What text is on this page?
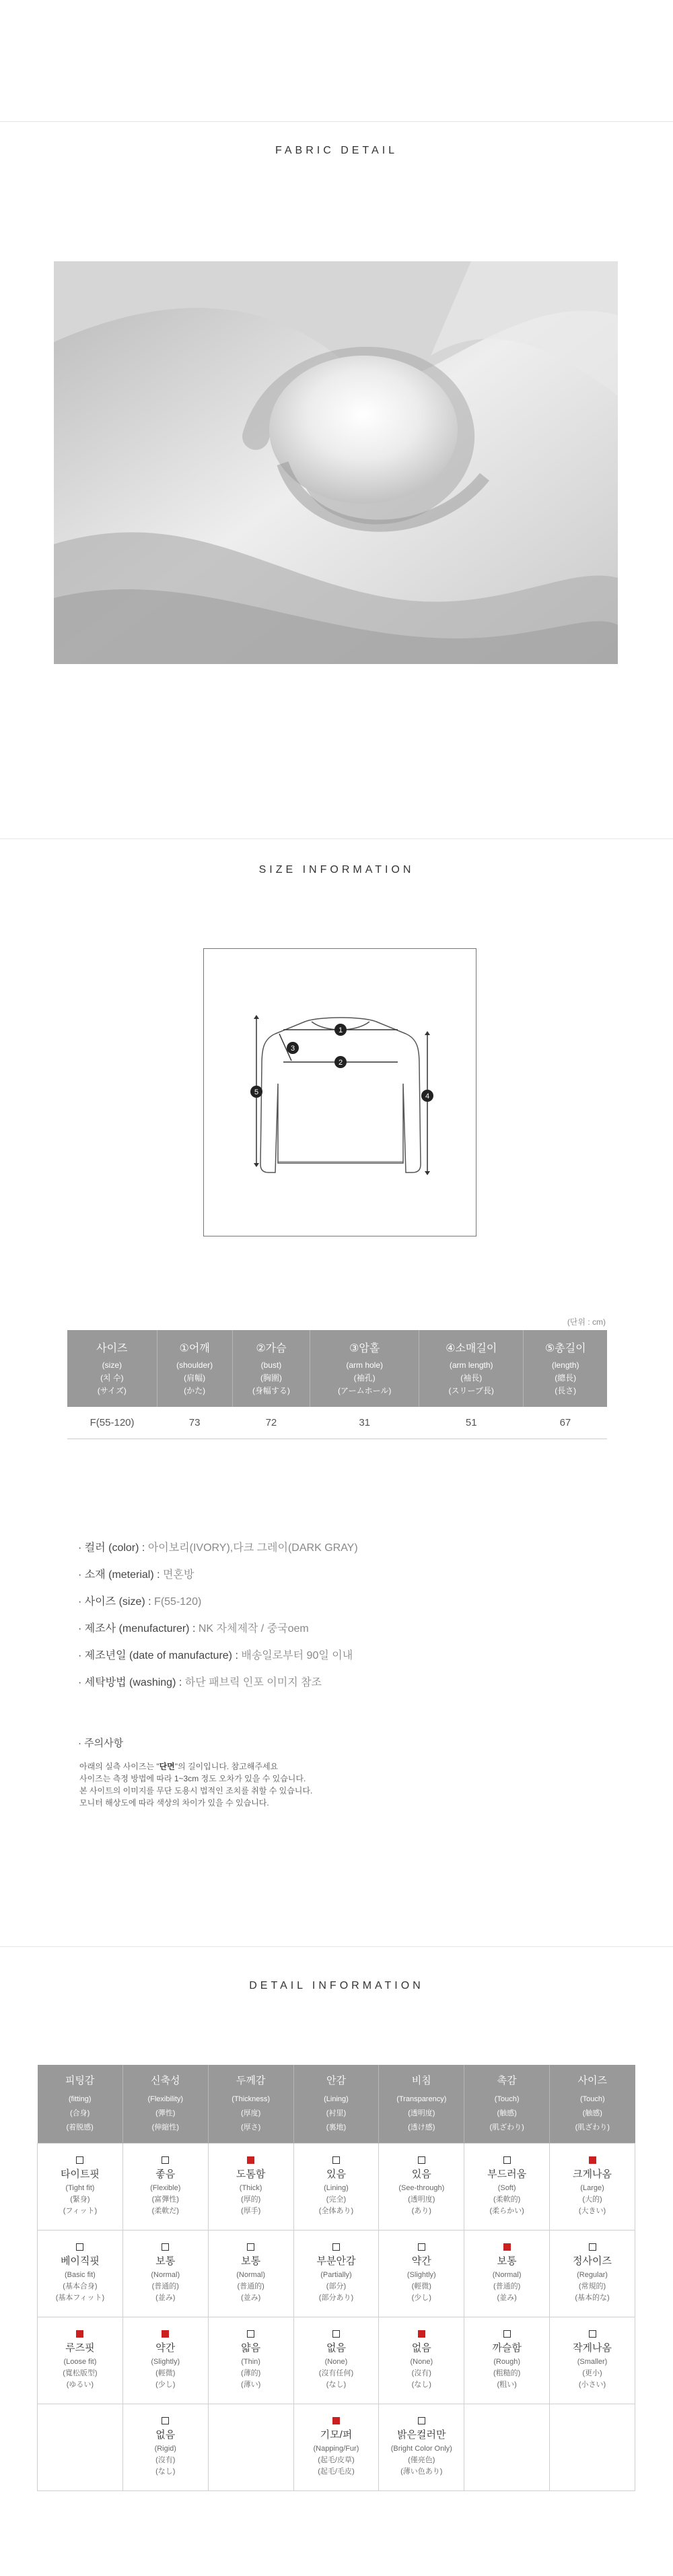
FABRIC DETAIL
SIZE INFORMATION
1
2
3
4
5
(단위 : cm)
사이즈
(size)
(치 수)
(サイズ)	①어깨
(shoulder)
(肩幅)
(かた)	②가슴
(bust)
(胸圍)
(身幅する)	③암홀
(arm hole)
(袖孔)
(アームホール)	④소매길이
(arm length)
(袖長)
(スリーブ長)	⑤총길이
(length)
(總長)
(長さ)

F(55-120)	73	72	31	51	67
· 컬러 (color) : 아이보리(IVORY),다크 그레이(DARK GRAY)
· 소재 (meterial) : 면혼방
· 사이즈 (size) : F(55-120)
· 제조사 (menufacturer) : NK 자체제작 / 중국oem
· 제조년일 (date of manufacture) : 배송일로부터 90일 이내
· 세탁방법 (washing) : 하단 패브릭 인포 이미지 참조
· 주의사항
아래의 실측 사이즈는 "단면"의 길이입니다. 참고해주세요
사이즈는 측정 방법에 따라 1~3cm 정도 오차가 있을 수 있습니다.
본 사이트의 이미지를 무단 도용시 법적인 조치를 취할 수 있습니다.
모니터 해상도에 따라 색상의 차이가 있을 수 있습니다.
DETAIL INFORMATION
피팅감
(fitting)
(合身)
(着脱感)	신축성
(Flexibility)
(彈性)
(伸縮性)	두께감
(Thickness)
(厚度)
(厚さ)	안감
(Lining)
(衬里)
(裏地)	비침
(Transparency)
(透明度)
(透け感)	촉감
(Touch)
(触感)
(肌ざわり)	사이즈
(Touch)
(触感)
(肌ざわり)

타이트핏
(Tight fit)
(緊身)
(フィット)	좋음
(Flexible)
(富彈性)
(柔軟だ)	도톰함
(Thick)
(厚的)
(厚手)	있음
(Lining)
(完全)
(全体あり)	있음
(See-through)
(透明度)
(あり)	부드러움
(Soft)
(柔軟的)
(柔らかい)	크게나옴
(Large)
(大的)
(大きい)

베이직핏
(Basic fit)
(基本合身)
(基本フィット)	보통
(Normal)
(普通的)
(並み)	보통
(Normal)
(普通的)
(並み)	부분안감
(Partially)
(部分)
(部分あり)	약간
(Slightly)
(輕微)
(少し)	보통
(Normal)
(普通的)
(並み)	정사이즈
(Regular)
(常規的)
(基本的な)

루즈핏
(Loose fit)
(寬松版型)
(ゆるい)	약간
(Slightly)
(輕微)
(少し)	얇음
(Thin)
(薄的)
(薄い)	없음
(None)
(沒有任何)
(なし)	없음
(None)
(沒有)
(なし)	까슬함
(Rough)
(粗糙的)
(粗い)	작게나옴
(Smaller)
(更小)
(小さい)

	없음
(Rigid)
(沒有)
(なし)		기모/퍼
(Napping/Fur)
(起毛/皮草)
(起毛/毛皮)	밝은컬러만
(Bright Color Only)
(僅亮色)
(薄い色あり)		
